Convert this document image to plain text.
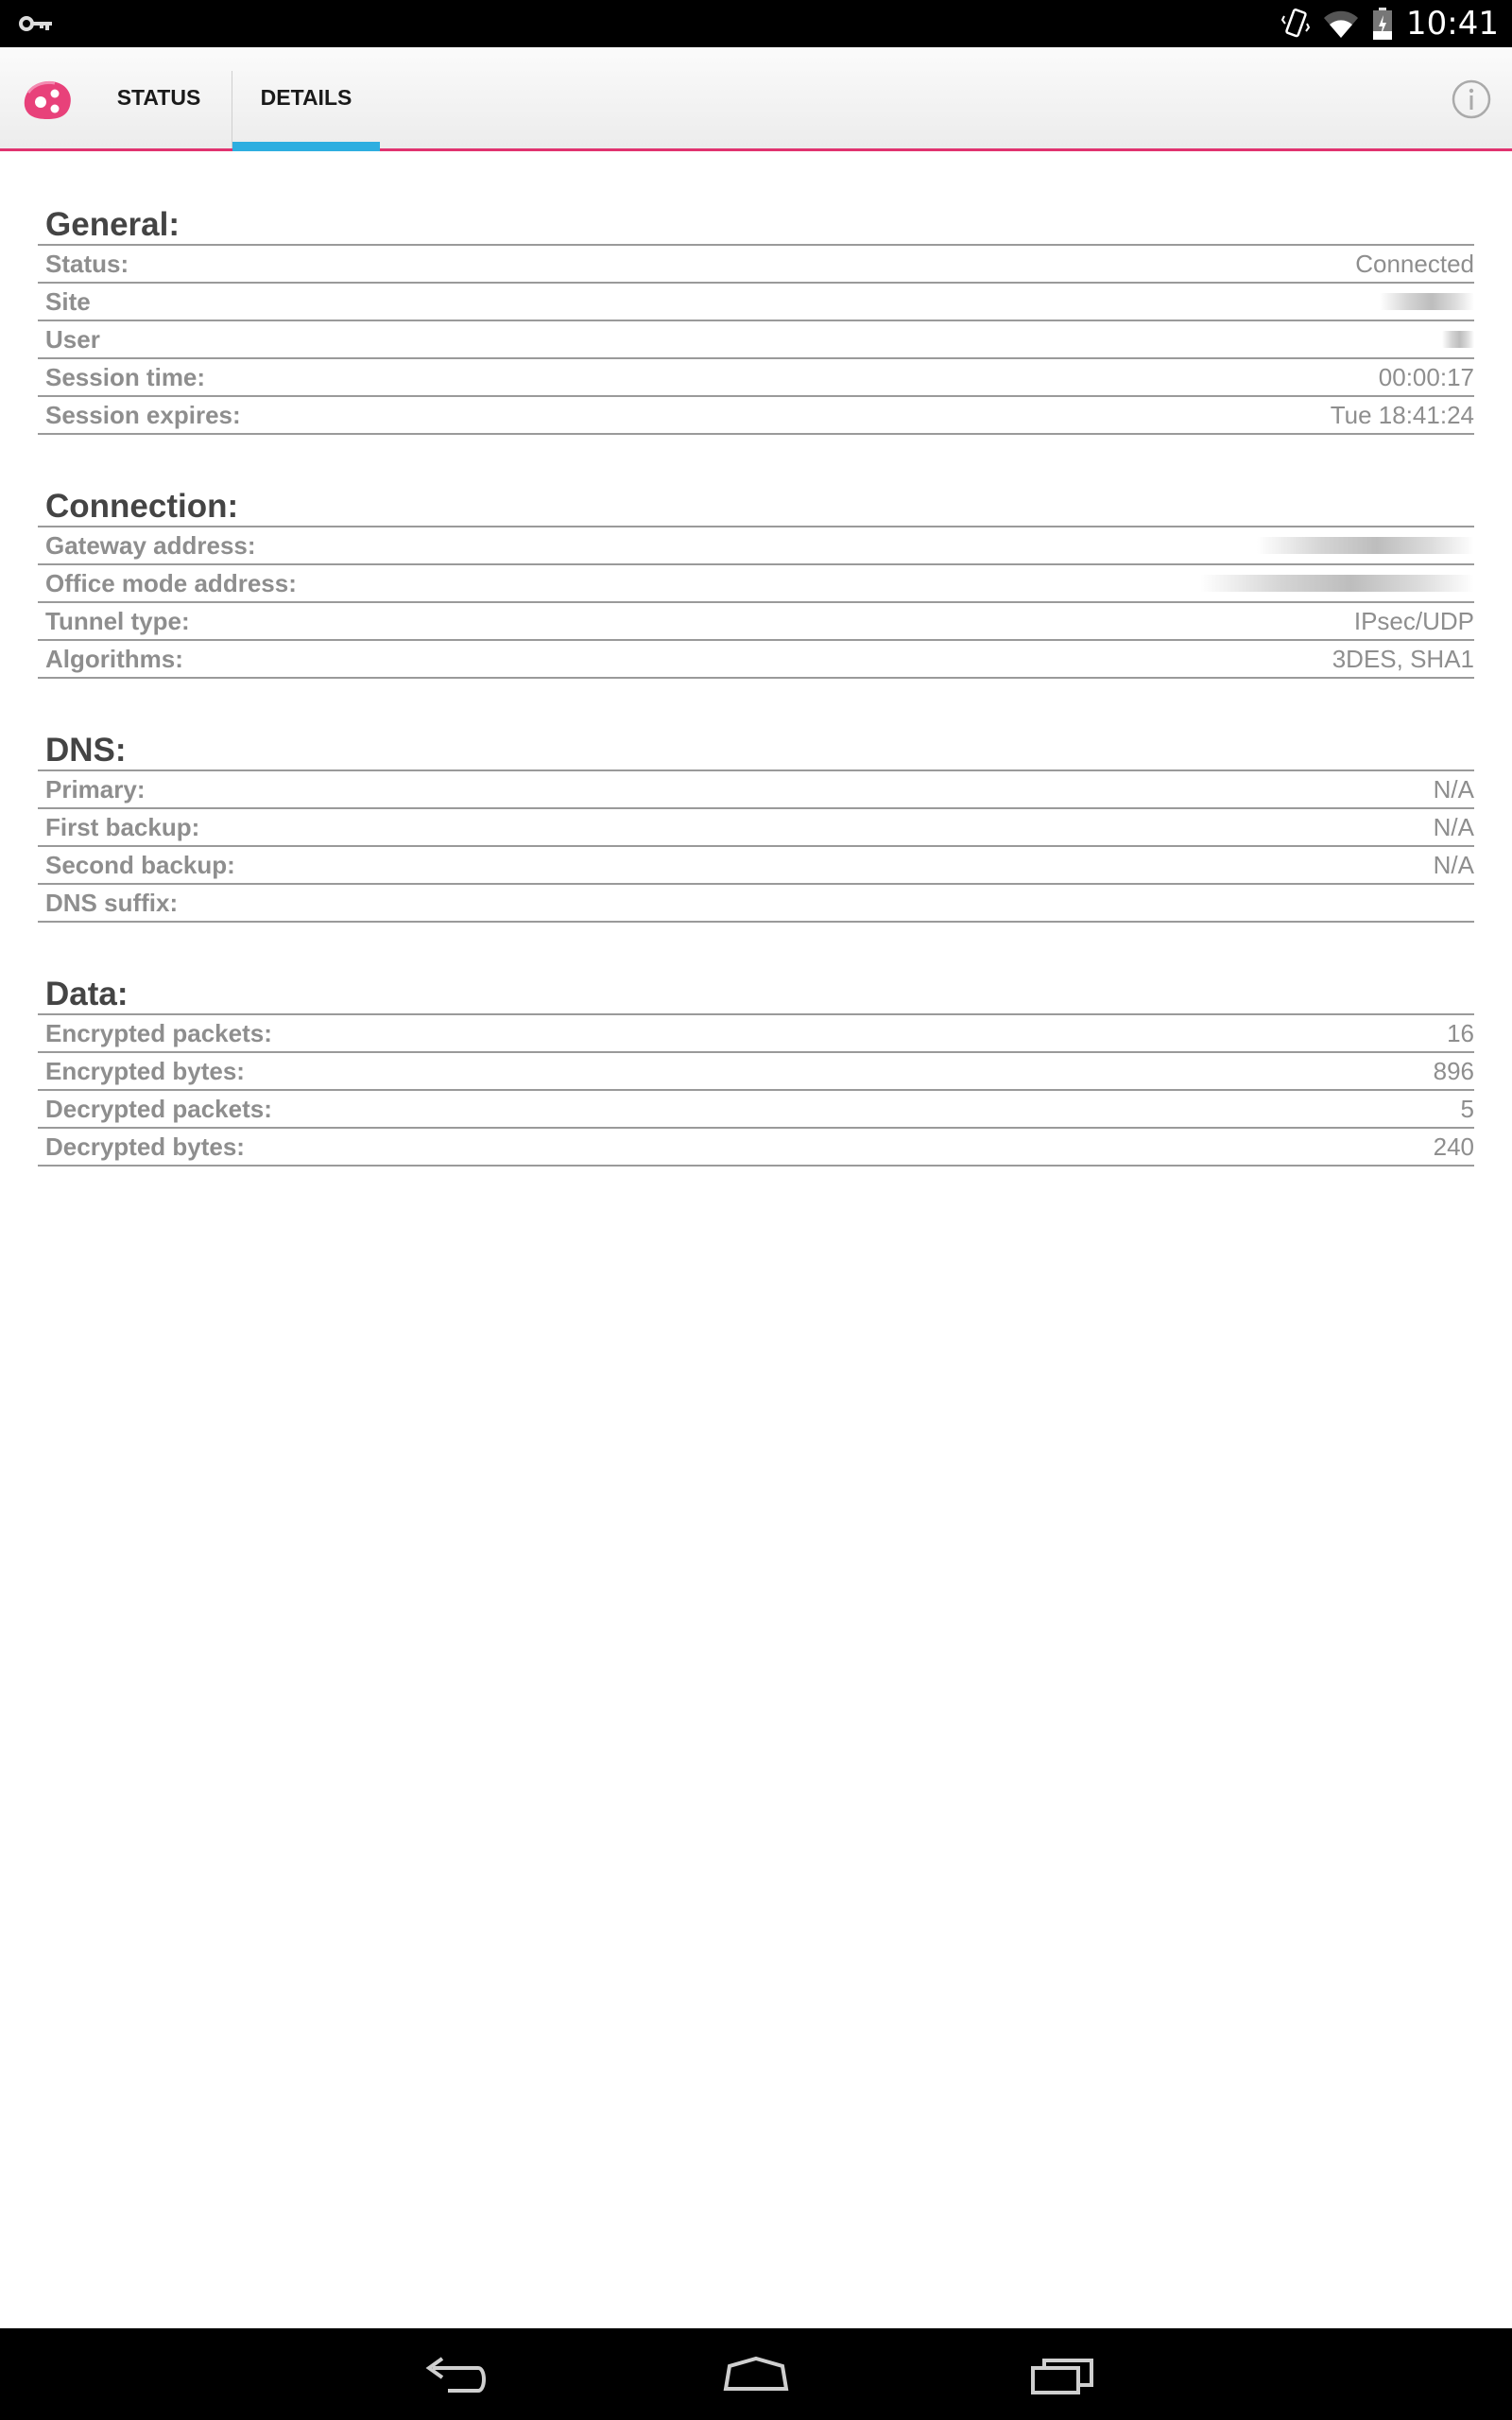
10:41
STATUS	DETAILS
General:
Status:	Connected
Site
User
Session time:	00:00:17
Session expires:	Tue 18:41:24
Connection:
Gateway address:
Office mode address:
Tunnel type:	IPsec/UDP
Algorithms:	3DES, SHA1
DNS:
Primary:	N/A
First backup:	N/A
Second backup:	N/A
DNS suffix:
Data:
Encrypted packets:	16
Encrypted bytes:	896
Decrypted packets:	5
Decrypted bytes:	240
